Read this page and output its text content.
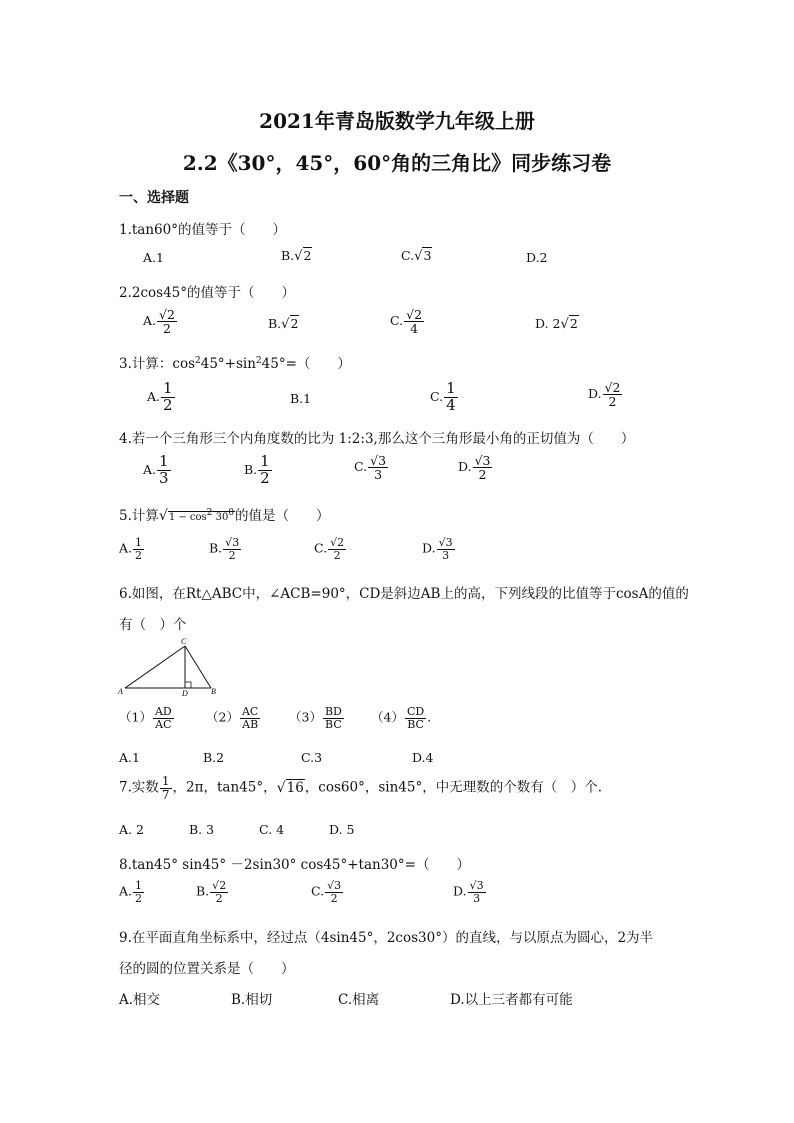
2021年青岛版数学九年级上册
2.2《30°，45°，60°角的三角比》同步练习卷
一、选择题
1.tan60°的值等于（　　）
A.1	B.√2	C.√3	D.2
2.2cos45°的值等于（　　）
A. $\frac{√2}{2}$	B.√2	C. $\frac{√2}{4}$	D. 2√2
3.计算：$\cos^245^\circ+\sin^245^\circ=$（　　）
A. $\frac{1}{2}$	B.1	C. $\frac{1}{4}$	D. $\frac{√2}{2}$
4.若一个三角形三个内角度数的比为 1:2:3,那么这个三角形最小角的正切值为（　　）
A. $\frac{1}{3}$	B. $\frac{1}{2}$	C. $\frac{√3}{3}$	D. $\frac{√3}{2}$
5.计算$√1 - \cos^2 30^0$的值是（　　）
A. $\frac{1}{2}$	B. $\frac{√3}{2}$	C. $\frac{√2}{2}$	D. $\frac{√3}{3}$
6.如图，在Rt△ABC中，∠ACB=90°，CD是斜边AB上的高，下列线段的比值等于cosA的值的
有（　）个
A	B
C
D
$(1) \frac{AD}{AC}$	$(2) \frac{AC}{AB} (3) \frac{BD}{BC} (4) \frac{CD}{BC}$ .
A.1	B.2	C.3	D.4
7.实数 $\frac{1}{7}$ ，2π，tan45°，√16，cos60°，sin45°，中无理数的个数有（　）个.
A. 2	B. 3	C. 4	D. 5
8.tan45° sin45° －2sin30° cos45°+tan30°=（　　）
A. $\frac{1}{2}$	B. $\frac{√2}{2}$	C. $\frac{√3}{2}$	D. $\frac{√3}{3}$
9.在平面直角坐标系中，经过点（4sin45°，2cos30°）的直线，与以原点为圆心，2为半
径的圆的位置关系是（　　）
A.相交	B.相切	C.相离	D.以上三者都有可能
